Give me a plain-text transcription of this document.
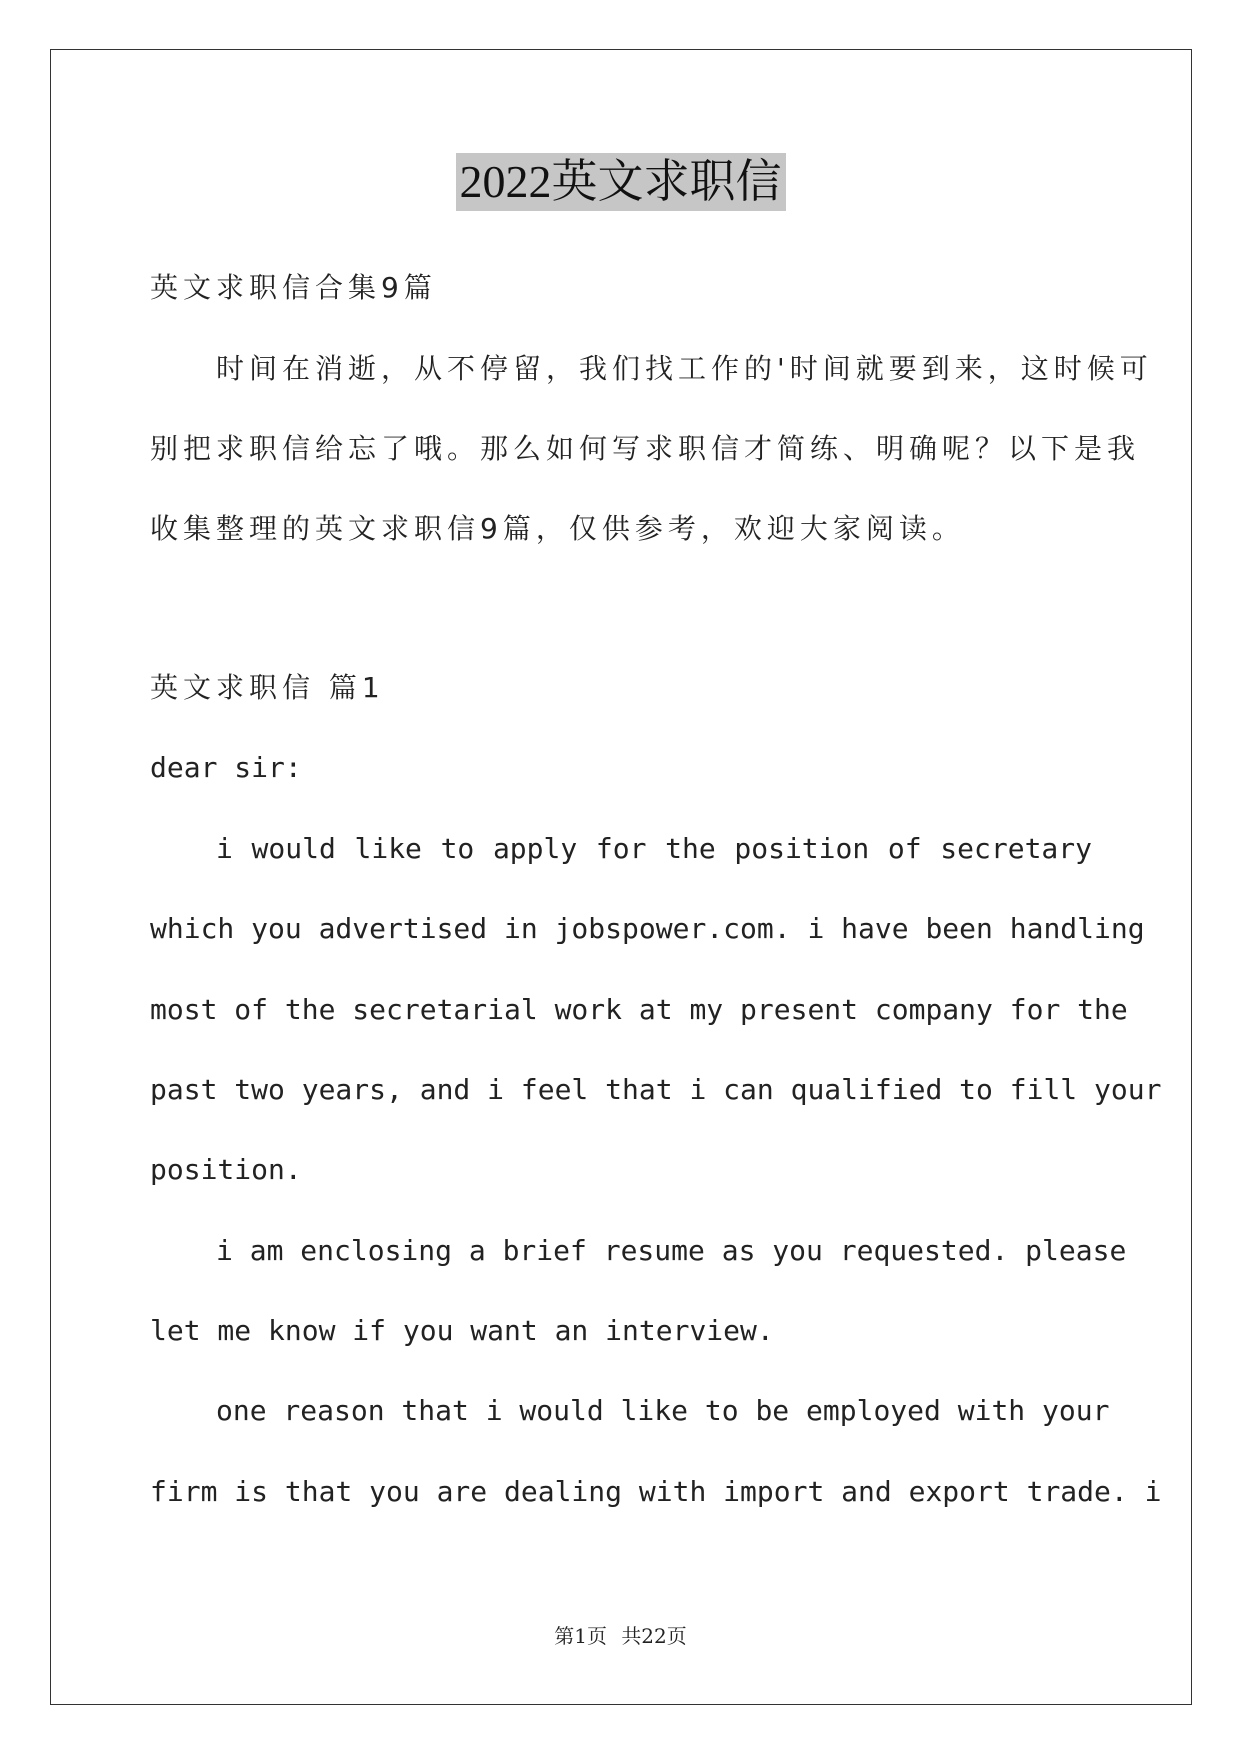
2022英文求职信
英文求职信合集9篇
时间在消逝，从不停留，我们找工作的'时间就要到来，这时候可
别把求职信给忘了哦。那么如何写求职信才简练、明确呢？以下是我
收集整理的英文求职信9篇，仅供参考，欢迎大家阅读。
英文求职信 篇1
dear sir:
i would like to apply for the position of secretary
which you advertised in jobspower.com. i have been handling
most of the secretarial work at my present company for the
past two years, and i feel that i can qualified to fill your
position.
i am enclosing a brief resume as you requested. please
let me know if you want an interview.
one reason that i would like to be employed with your
firm is that you are dealing with import and export trade. i
第1页 共22页
